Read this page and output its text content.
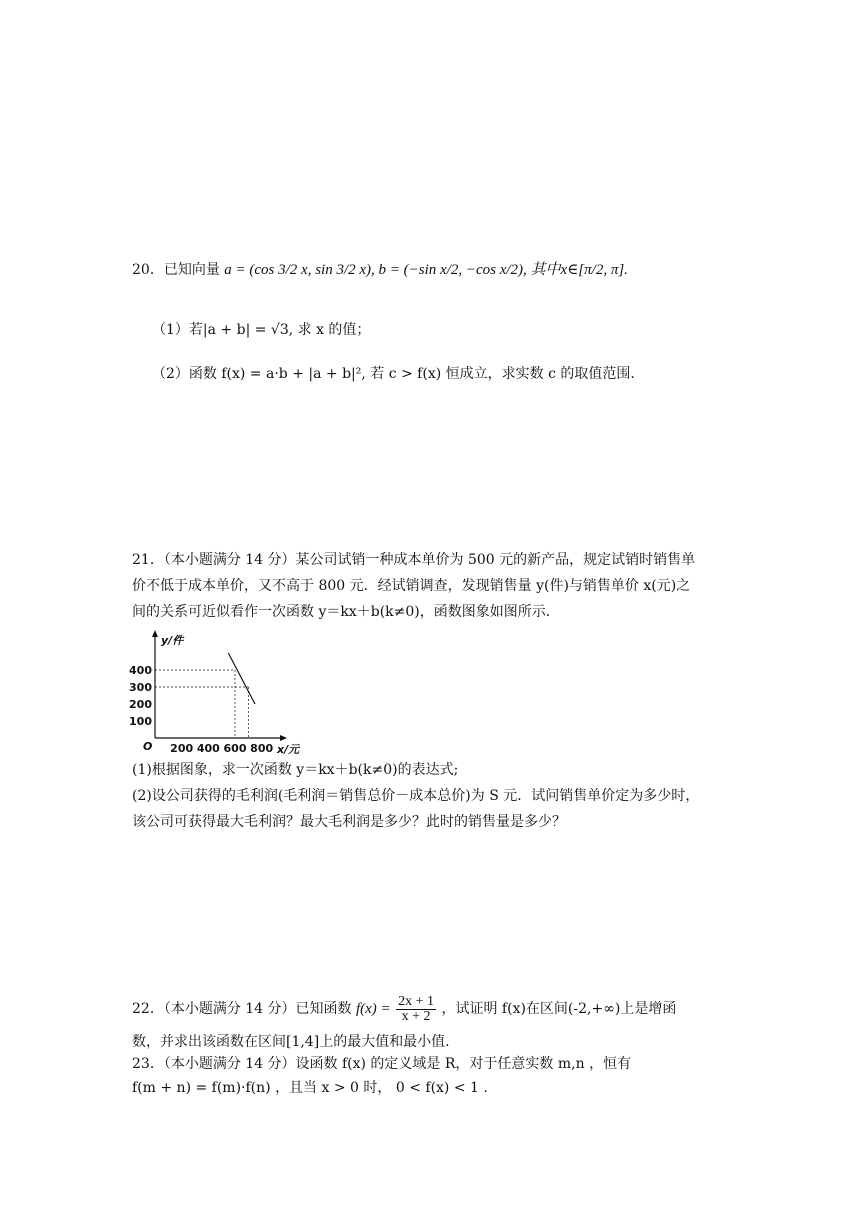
20．已知向量 a = (cos 3/2 x, sin 3/2 x), b = (−sin x/2, −cos x/2), 其中x∈[π/2, π].
（1）若|a + b| = √3, 求 x 的值；
（2）函数 f(x) = a·b + |a + b|², 若 c > f(x) 恒成立，求实数 c 的取值范围.
21．（本小题满分 14 分）某公司试销一种成本单价为 500 元的新产品，规定试销时销售单
价不低于成本单价，又不高于 800 元．经试销调查，发现销售量 y(件)与销售单价 x(元)之
间的关系可近似看作一次函数 y＝kx＋b(k≠0)，函数图象如图所示．
100
200
300
400
200 400 600 800
O	x/元
y/件
(1)根据图象，求一次函数 y＝kx＋b(k≠0)的表达式;
(2)设公司获得的毛利润(毛利润＝销售总价－成本总价)为 S 元．试问销售单价定为多少时，
该公司可获得最大毛利润？最大毛利润是多少？此时的销售量是多少？
22．（本小题满分 14 分）已知函数 $f(x) = \frac{2x + 1}{x + 2}$ ，试证明 f(x)在区间(-2,+∞)上是增函
数，并求出该函数在区间[1,4]上的最大值和最小值.
23．（本小题满分 14 分）设函数 f(x) 的定义域是 R，对于任意实数 m,n ，恒有
f(m + n) = f(m)·f(n) ，且当 x > 0 时， 0 < f(x) < 1 .
